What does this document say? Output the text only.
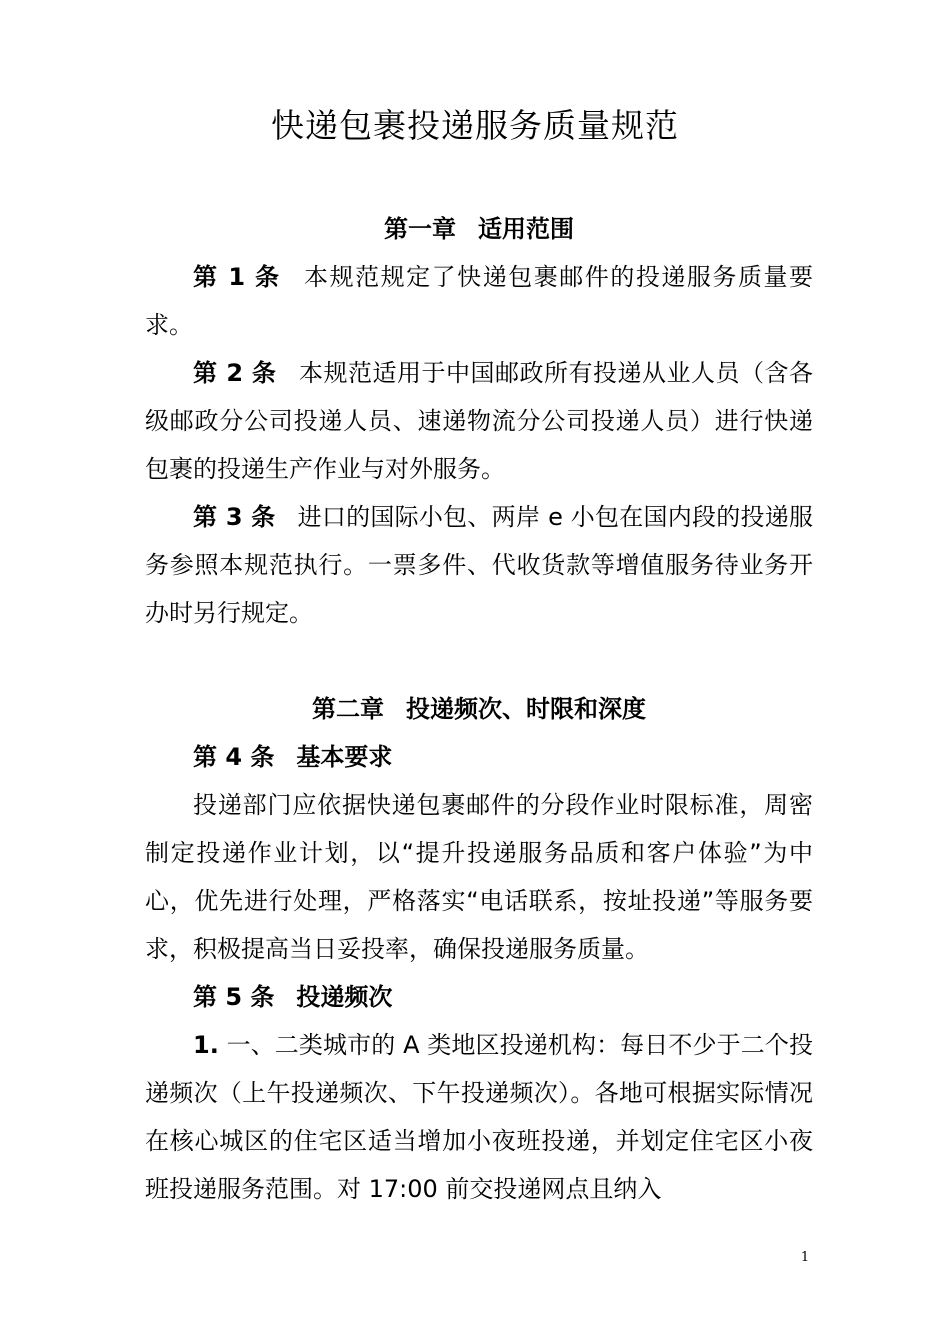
快递包裹投递服务质量规范

第一章 适用范围

第 1 条 本规范规定了快递包裹邮件的投递服务质量要求。

第 2 条 本规范适用于中国邮政所有投递从业人员（含各级邮政分公司投递人员、速递物流分公司投递人员）进行快递包裹的投递生产作业与对外服务。

第 3 条 进口的国际小包、两岸 e 小包在国内段的投递服务参照本规范执行。一票多件、代收货款等增值服务待业务开办时另行规定。

第二章 投递频次、时限和深度

第 4 条 基本要求

投递部门应依据快递包裹邮件的分段作业时限标准，周密制定投递作业计划，以“提升投递服务品质和客户体验”为中心，优先进行处理，严格落实“电话联系，按址投递”等服务要求，积极提高当日妥投率，确保投递服务质量。

第 5 条 投递频次

1. 一、二类城市的 A 类地区投递机构：每日不少于二个投递频次（上午投递频次、下午投递频次）。各地可根据实际情况在核心城区的住宅区适当增加小夜班投递，并划定住宅区小夜班投递服务范围。对 17:00 前交投递网点且纳入

1
